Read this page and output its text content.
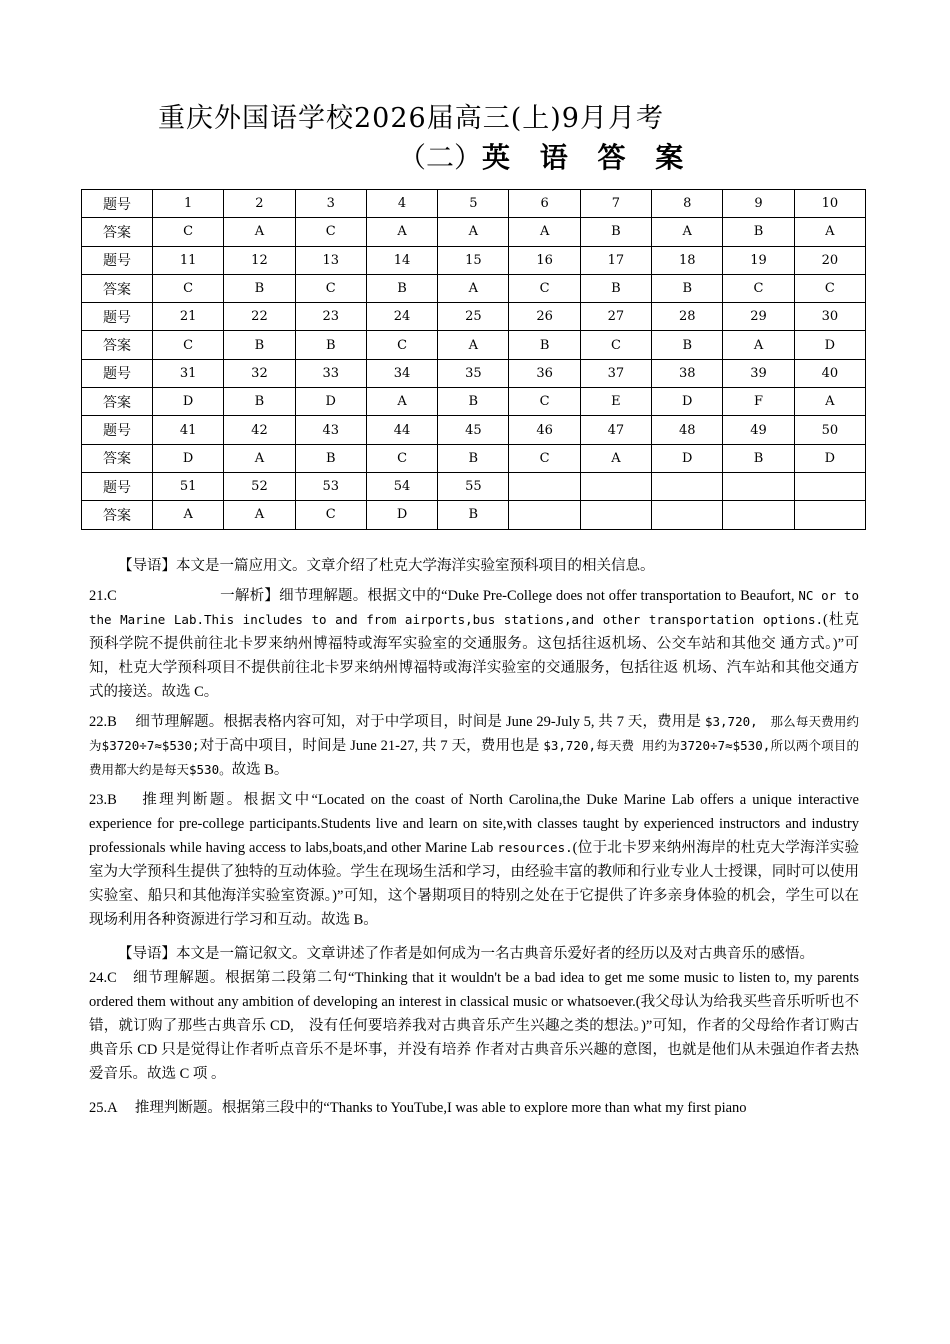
重庆外国语学校2026届高三(上)9月月考
（二）英 语 答 案
题号	1	2	3	4	5	6	7	8	9	10
答案	C	A	C	A	A	A	B	A	B	A
题号	11	12	13	14	15	16	17	18	19	20
答案	C	B	C	B	A	C	B	B	C	C
题号	21	22	23	24	25	26	27	28	29	30
答案	C	B	B	C	A	B	C	B	A	D
题号	31	32	33	34	35	36	37	38	39	40
答案	D	B	D	A	B	C	E	D	F	A
题号	41	42	43	44	45	46	47	48	49	50
答案	D	A	B	C	B	C	A	D	B	D
题号	51	52	53	54	55					
答案	A	A	C	D	B					

【导语】本文是一篇应用文。文章介绍了杜克大学海洋实验室预科项目的相关信息。

21.C　　　　　　　一解析】细节理解题。根据文中的“Duke Pre-College does not offer transportation to Beaufort, NC or to the Marine Lab.This includes to and from airports,bus stations,and other transportation options.(杜克 预科学院不提供前往北卡罗来纳州博福特或海军实验室的交通服务。这包括往返机场、公交车站和其他交 通方式。)”可知，杜克大学预科项目不提供前往北卡罗来纳州博福特或海洋实验室的交通服务，包括往返 机场、汽车站和其他交通方式的接送。故选 C。

22.B　 细节理解题。根据表格内容可知，对于中学项目，时间是 June 29-July 5, 共 7 天，费用是 $3,720,　那么每天费用约为$3720÷7≈$530;对于高中项目，时间是 June 21-27, 共 7 天，费用也是 $3,720,每天费 用约为3720÷7≈$530,所以两个项目的费用都大约是每天$530。故选 B。

23.B　 推理判断题。根据文中“Located on the coast of North Carolina,the Duke Marine Lab offers a unique interactive experience for pre-college participants.Students live and learn on site,with classes taught by experienced instructors and industry professionals while having access to labs,boats,and other Marine Lab resources.(位于北卡罗来纳州海岸的杜克大学海洋实验室为大学预科生提供了独特的互动体验。学生在现场生活和学习，由经验丰富的教师和行业专业人士授课，同时可以使用实验室、船只和其他海洋实验室资源。)”可知，这个暑期项目的特别之处在于它提供了许多亲身体验的机会，学生可以在现场利用各种资源进行学习和互动。故选 B。

【导语】本文是一篇记叙文。文章讲述了作者是如何成为一名古典音乐爱好者的经历以及对古典音乐的感悟。

24.C　细节理解题。根据第二段第二句“Thinking that it wouldn't be a bad idea to get me some music to listen to, my parents ordered them without any ambition of developing an interest in classical music or whatsoever.(我父母认为给我买些音乐听听也不错，就订购了那些古典音乐 CD,　没有任何要培养我对古典音乐产生兴趣之类的想法。)”可知，作者的父母给作者订购古典音乐 CD 只是觉得让作者听点音乐不是坏事，并没有培养 作者对古典音乐兴趣的意图，也就是他们从未强迫作者去热爱音乐。故选 C 项 。

25.A　 推理判断题。根据第三段中的“Thanks to YouTube,I was able to explore more than what my first piano
